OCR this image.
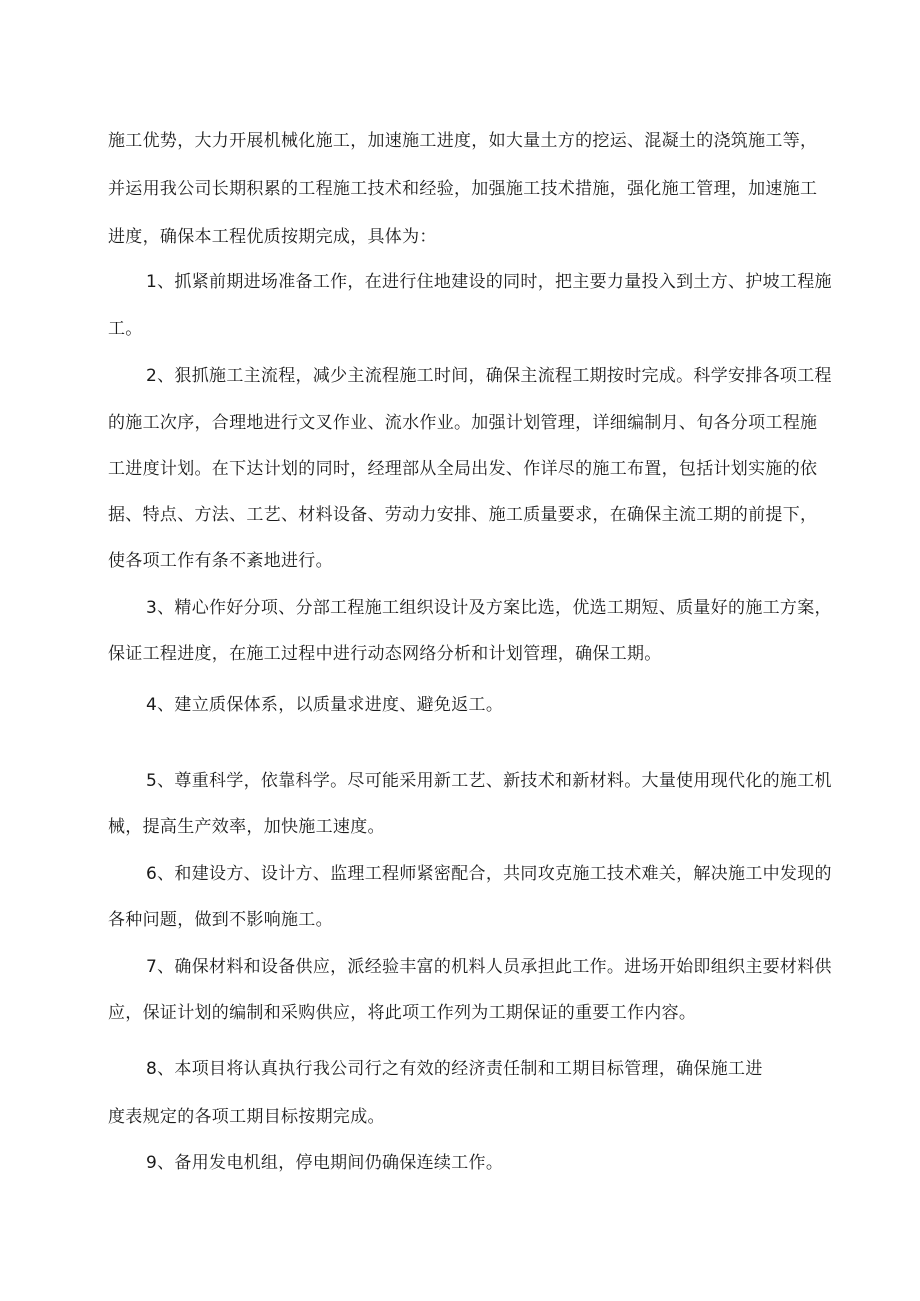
施工优势，大力开展机械化施工，加速施工进度，如大量土方的挖运、混凝土的浇筑施工等，
并运用我公司长期积累的工程施工技术和经验，加强施工技术措施，强化施工管理，加速施工
进度，确保本工程优质按期完成，具体为：
1、抓紧前期进场准备工作，在进行住地建设的同时，把主要力量投入到土方、护坡工程施
工。
2、狠抓施工主流程，减少主流程施工时间，确保主流程工期按时完成。科学安排各项工程
的施工次序，合理地进行文叉作业、流水作业。加强计划管理，详细编制月、旬各分项工程施
工进度计划。在下达计划的同时，经理部从全局出发、作详尽的施工布置，包括计划实施的依
据、特点、方法、工艺、材料设备、劳动力安排、施工质量要求，在确保主流工期的前提下，
使各项工作有条不紊地进行。
3、精心作好分项、分部工程施工组织设计及方案比选，优选工期短、质量好的施工方案，
保证工程进度，在施工过程中进行动态网络分析和计划管理，确保工期。
4、建立质保体系，以质量求进度、避免返工。
5、尊重科学，依靠科学。尽可能采用新工艺、新技术和新材料。大量使用现代化的施工机
械，提高生产效率，加快施工速度。
6、和建设方、设计方、监理工程师紧密配合，共同攻克施工技术难关，解决施工中发现的
各种问题，做到不影响施工。
7、确保材料和设备供应，派经验丰富的机料人员承担此工作。进场开始即组织主要材料供
应，保证计划的编制和采购供应，将此项工作列为工期保证的重要工作内容。
8、本项目将认真执行我公司行之有效的经济责任制和工期目标管理，确保施工进
度表规定的各项工期目标按期完成。
9、备用发电机组，停电期间仍确保连续工作。
